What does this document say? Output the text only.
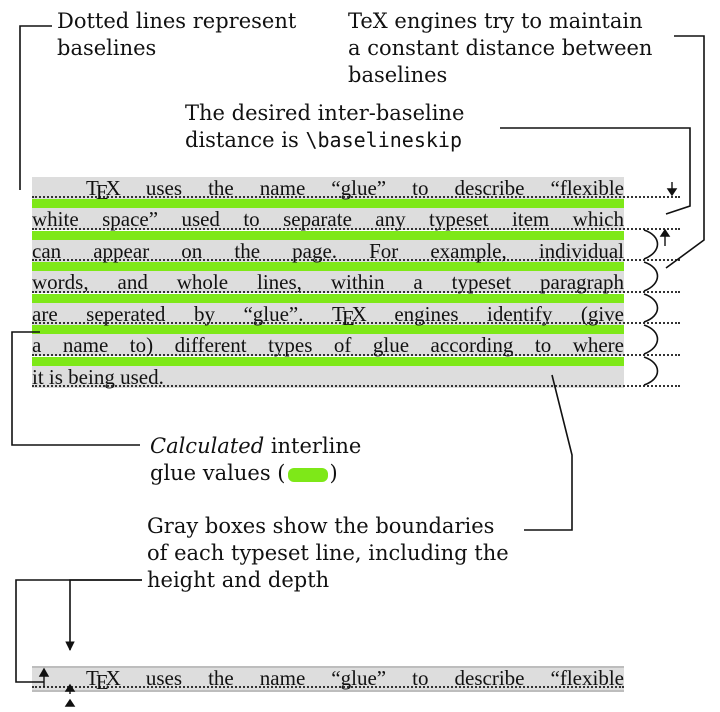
Dotted lines represent
baselines
TeX engines try to maintain
a constant distance between
baselines
The desired inter-baseline
distance is \baselineskip
Calculated interline
glue values ( )
Gray boxes show the boundaries
of each typeset line, including the
height and depth
TEX uses the name “glue” to describe “flexible
white space” used to separate any typeset item which
can appear on the page. For example, individual
words, and whole lines, within a typeset paragraph
are seperated by “glue”. TEX engines identify (give
a name to) different types of glue according to where
it is being used.
TEX uses the name “glue” to describe “flexible
